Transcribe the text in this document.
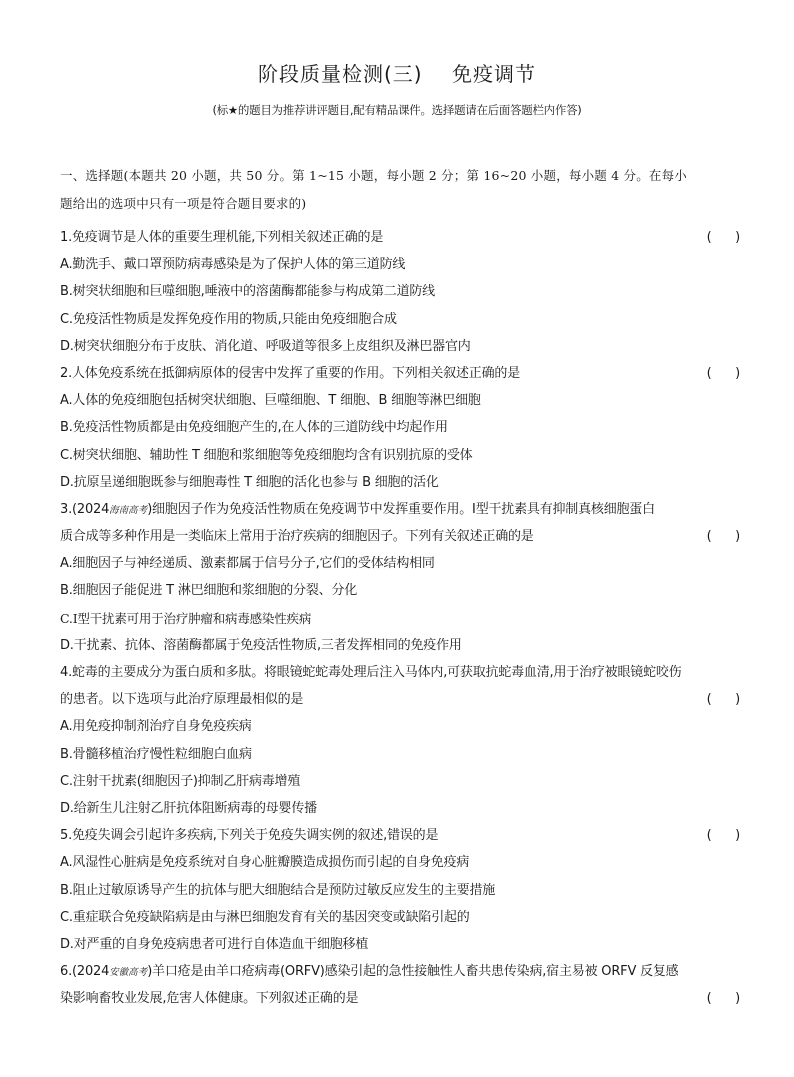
阶段质量检测(三)    免疫调节
(标★的题目为推荐讲评题目,配有精品课件。选择题请在后面答题栏内作答)
一、选择题(本题共 20 小题，共 50 分。第 1~15 小题，每小题 2 分；第 16~20 小题，每小题 4 分。在每小
题给出的选项中只有一项是符合题目要求的)
1.免疫调节是人体的重要生理机能,下列相关叙述正确的是	(      )
A.勤洗手、戴口罩预防病毒感染是为了保护人体的第三道防线
B.树突状细胞和巨噬细胞,唾液中的溶菌酶都能参与构成第二道防线
C.免疫活性物质是发挥免疫作用的物质,只能由免疫细胞合成
D.树突状细胞分布于皮肤、消化道、呼吸道等很多上皮组织及淋巴器官内
2.人体免疫系统在抵御病原体的侵害中发挥了重要的作用。下列相关叙述正确的是	(      )
A.人体的免疫细胞包括树突状细胞、巨噬细胞、T 细胞、B 细胞等淋巴细胞
B.免疫活性物质都是由免疫细胞产生的,在人体的三道防线中均起作用
C.树突状细胞、辅助性 T 细胞和浆细胞等免疫细胞均含有识别抗原的受体
D.抗原呈递细胞既参与细胞毒性 T 细胞的活化也参与 B 细胞的活化
3.(2024海南高考)细胞因子作为免疫活性物质在免疫调节中发挥重要作用。Ⅰ型干扰素具有抑制真核细胞蛋白
质合成等多种作用是一类临床上常用于治疗疾病的细胞因子。下列有关叙述正确的是	(      )
A.细胞因子与神经递质、激素都属于信号分子,它们的受体结构相同
B.细胞因子能促进 T 淋巴细胞和浆细胞的分裂、分化
C.Ⅰ型干扰素可用于治疗肿瘤和病毒感染性疾病
D.干扰素、抗体、溶菌酶都属于免疫活性物质,三者发挥相同的免疫作用
4.蛇毒的主要成分为蛋白质和多肽。将眼镜蛇蛇毒处理后注入马体内,可获取抗蛇毒血清,用于治疗被眼镜蛇咬伤
的患者。以下选项与此治疗原理最相似的是	(      )
A.用免疫抑制剂治疗自身免疫疾病
B.骨髓移植治疗慢性粒细胞白血病
C.注射干扰素(细胞因子)抑制乙肝病毒增殖
D.给新生儿注射乙肝抗体阻断病毒的母婴传播
5.免疫失调会引起许多疾病,下列关于免疫失调实例的叙述,错误的是	(      )
A.风湿性心脏病是免疫系统对自身心脏瓣膜造成损伤而引起的自身免疫病
B.阻止过敏原诱导产生的抗体与肥大细胞结合是预防过敏反应发生的主要措施
C.重症联合免疫缺陷病是由与淋巴细胞发育有关的基因突变或缺陷引起的
D.对严重的自身免疫病患者可进行自体造血干细胞移植
6.(2024安徽高考)羊口疮是由羊口疮病毒(ORFV)感染引起的急性接触性人畜共患传染病,宿主易被 ORFV 反复感
染影响畜牧业发展,危害人体健康。下列叙述正确的是	(      )
